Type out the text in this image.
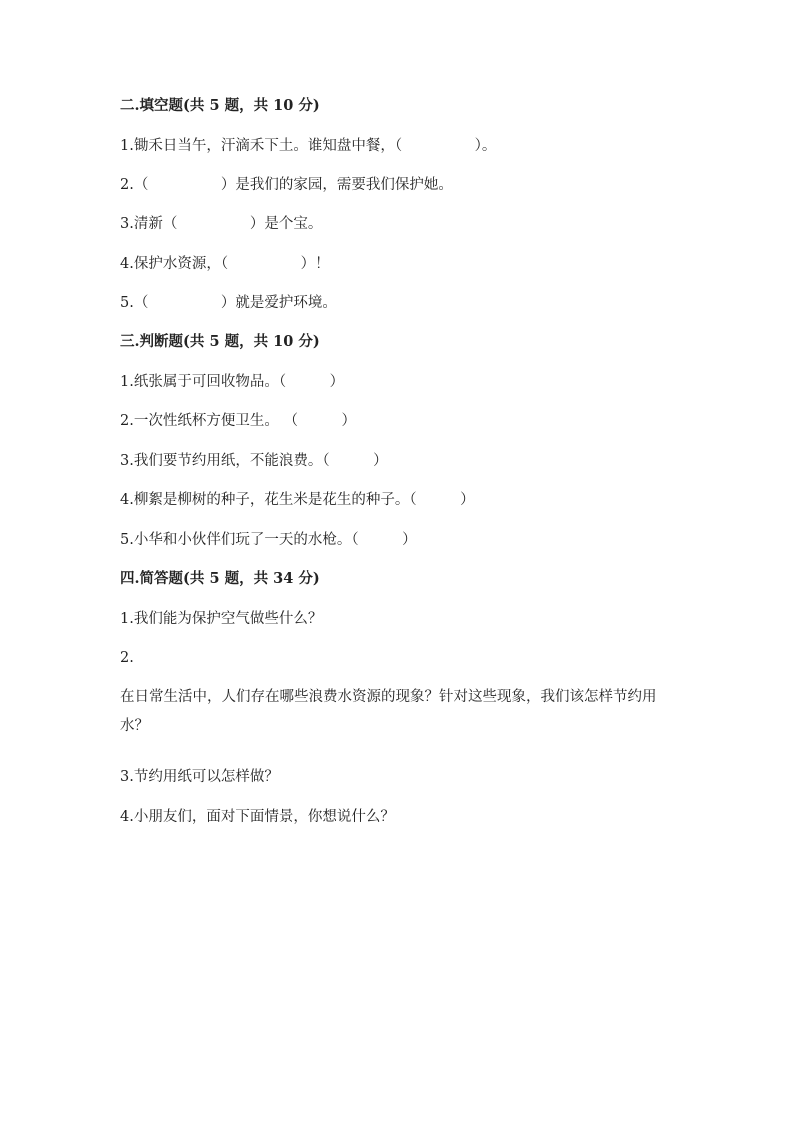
二.填空题(共 5 题，共 10 分)
1.锄禾日当午，汗滴禾下土。谁知盘中餐，（　　　　　）。
2.（　　　　　）是我们的家园，需要我们保护她。
3.清新（　　　　　）是个宝。
4.保护水资源，（　　　　　）！
5.（　　　　　）就是爱护环境。
三.判断题(共 5 题，共 10 分)
1.纸张属于可回收物品。（　　　）
2.一次性纸杯方便卫生。 （　　　）
3.我们要节约用纸，不能浪费。（　　　）
4.柳絮是柳树的种子，花生米是花生的种子。（　　　）
5.小华和小伙伴们玩了一天的水枪。（　　　）
四.简答题(共 5 题，共 34 分)
1.我们能为保护空气做些什么？
2.
在日常生活中，人们存在哪些浪费水资源的现象？针对这些现象，我们该怎样节约用水？
3.节约用纸可以怎样做？
4.小朋友们，面对下面情景，你想说什么？
